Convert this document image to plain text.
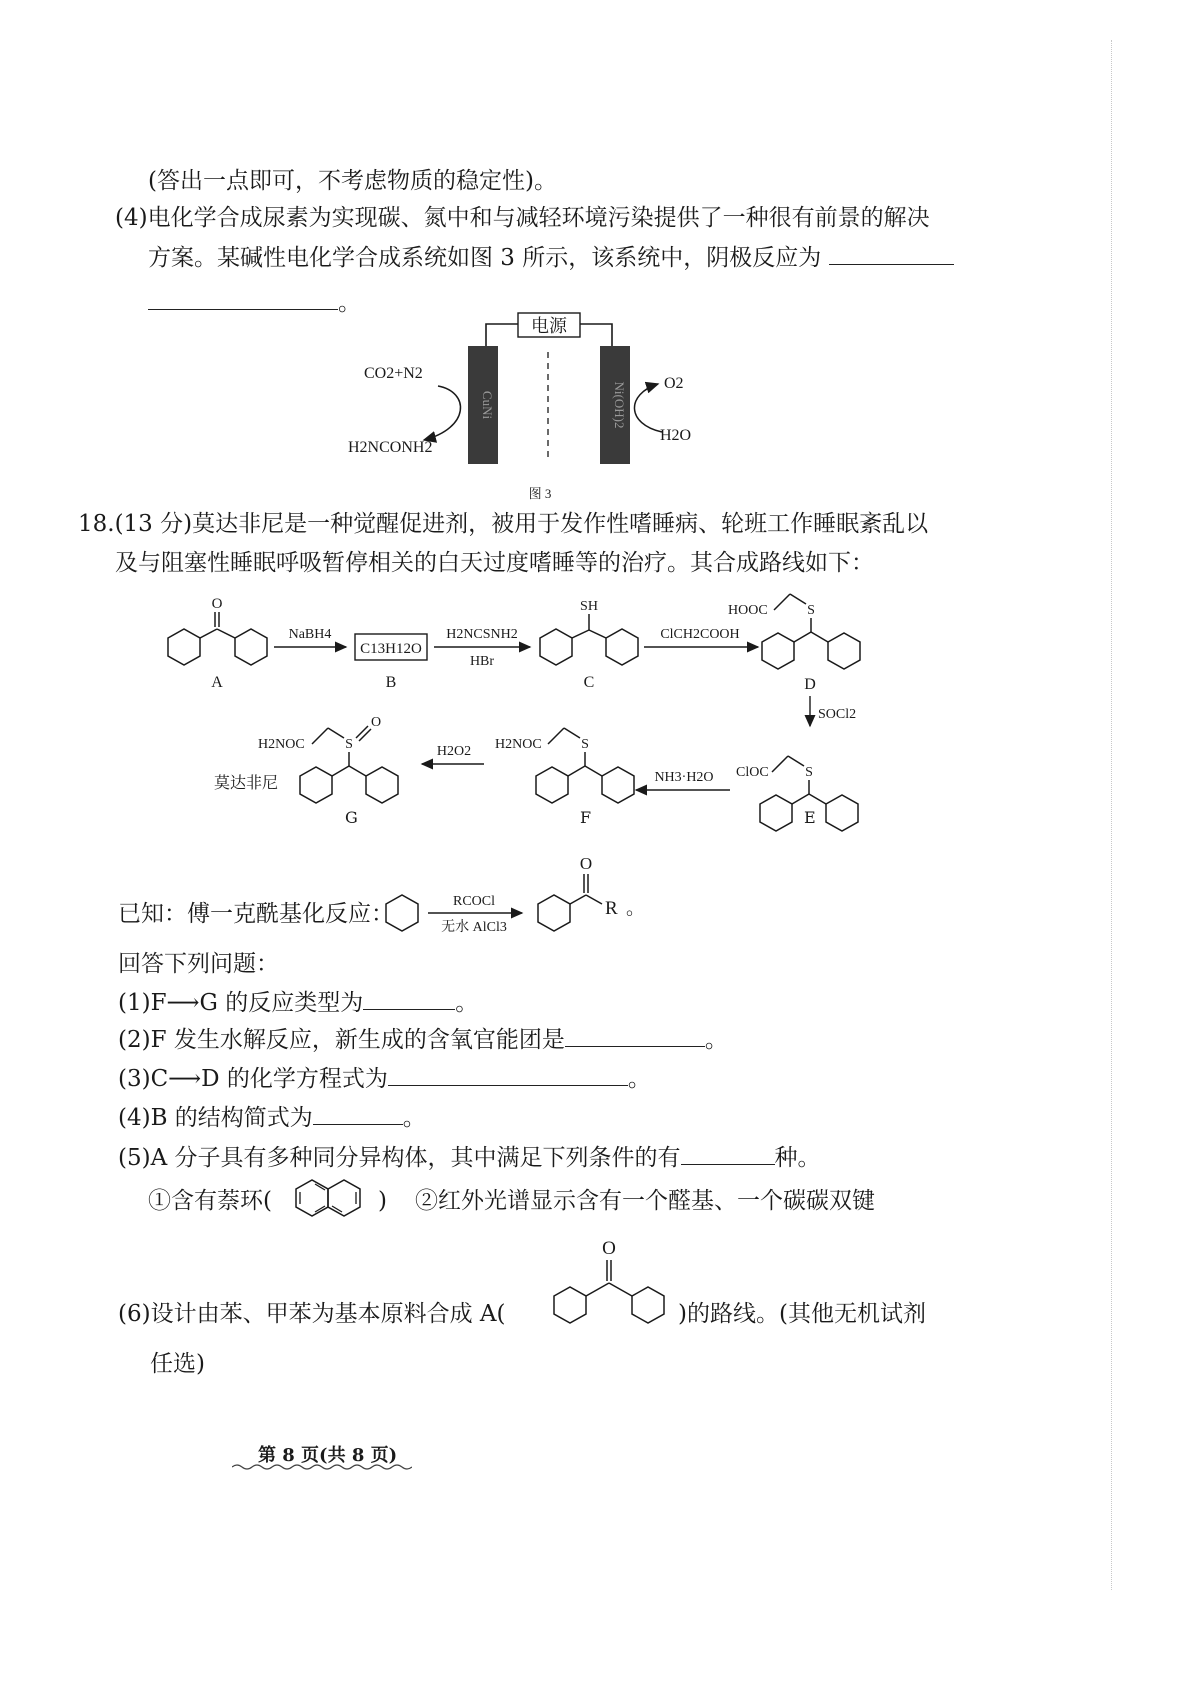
(答出一点即可，不考虑物质的稳定性)。
(4)电化学合成尿素为实现碳、氮中和与减轻环境污染提供了一种很有前景的解决
方案。某碱性电化学合成系统如图 3 所示，该系统中，阴极反应为
。
电源
CuNi	Ni(OH)2
CO2+N2
H2NCONH2
O2
H2O
图 3
18.(13 分)莫达非尼是一种觉醒促进剂，被用于发作性嗜睡病、轮班工作睡眠紊乱以
及与阻塞性睡眠呼吸暂停相关的白天过度嗜睡等的治疗。其合成路线如下：
O
A
NaBH4
C13H12O
B
H2NCSNH2
HBr
SH
C
ClCH2COOH
HOOC	S
D
SOCl2
ClOC	S
NH3·H2O
H2NOC	S
H2O2
H2NOC	S
O
莫达非尼
G	F	E
已知：傅一克酰基化反应：	RCOCl
无水 AlCl3
O
R 。
回答下列问题：
(1)F⟶G 的反应类型为	。
(2)F 发生水解反应，新生成的含氧官能团是	。
(3)C⟶D 的化学方程式为	。
(4)B 的结构简式为	。
(5)A 分子具有多种同分异构体，其中满足下列条件的有	种。
①含有萘环(	) ②红外光谱显示含有一个醛基、一个碳碳双键
(6)设计由苯、甲苯为基本原料合成 A(
O
)的路线。(其他无机试剂
任选)
第 8 页(共 8 页)
